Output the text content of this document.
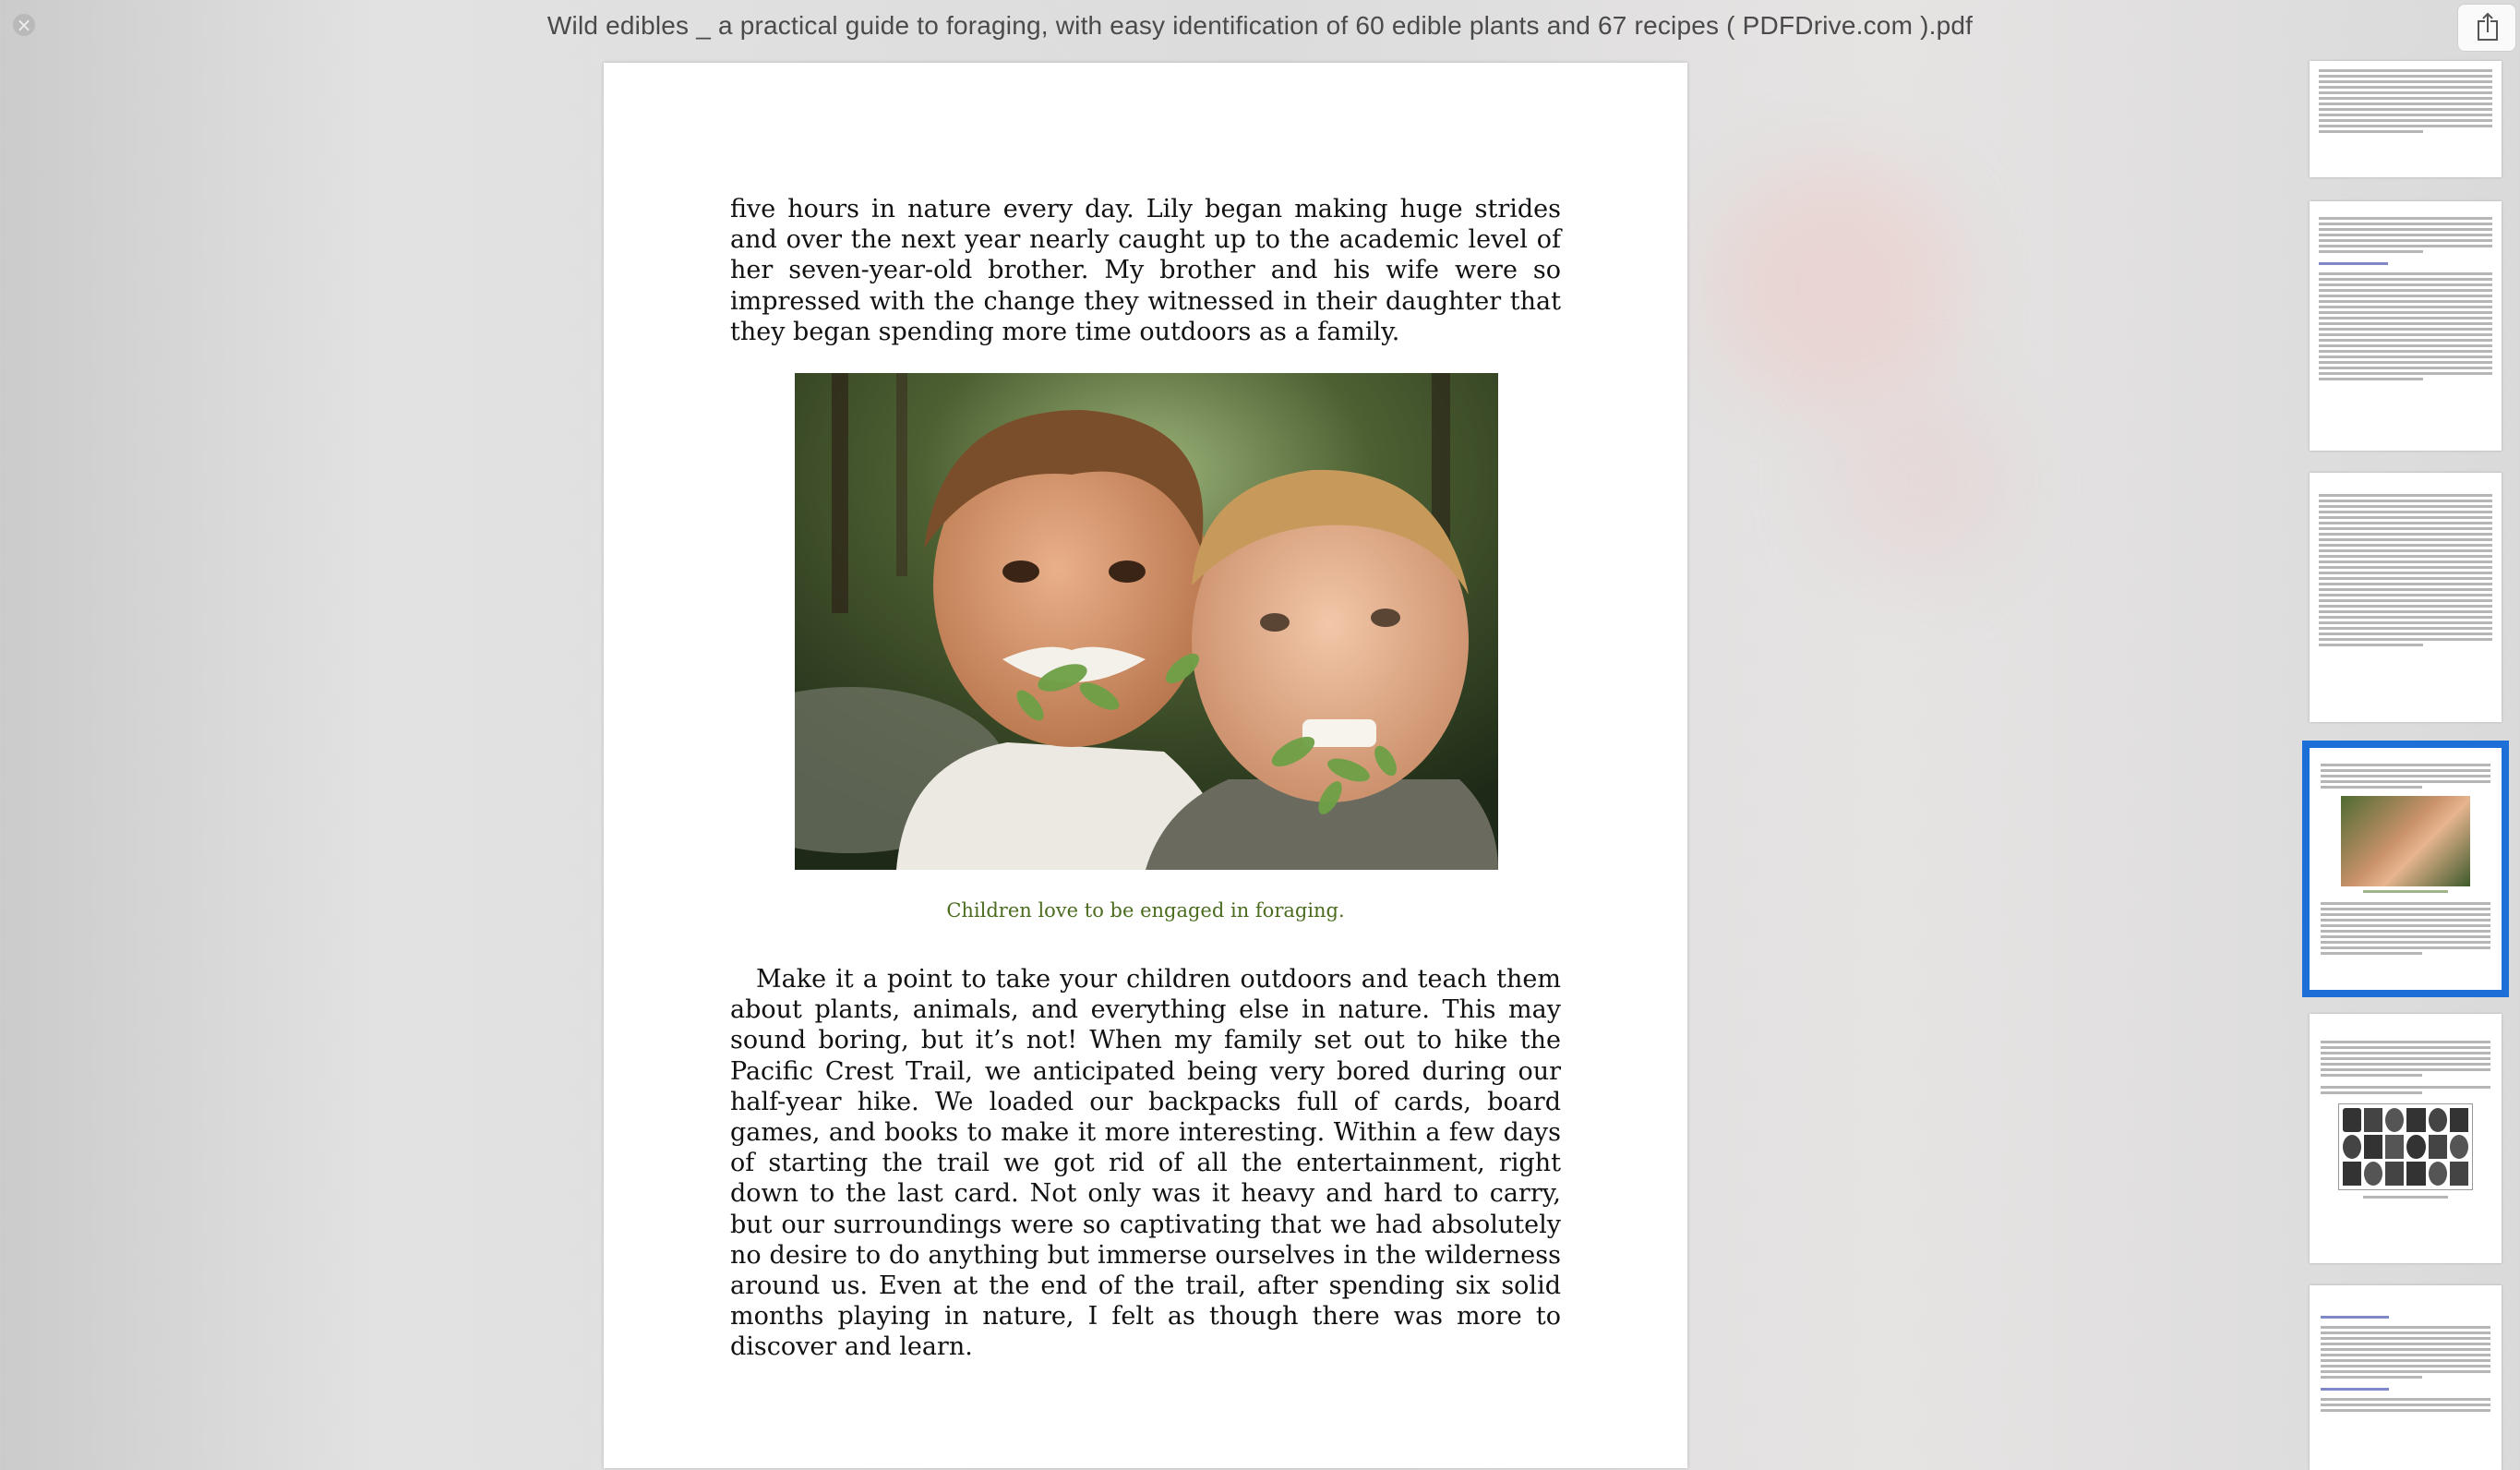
×	Wild edibles _ a practical guide to foraging, with easy identification of 60 edible plants and 67 recipes ( PDFDrive.com ).pdf

five hours in nature every day. Lily began making huge strides and over the next year nearly caught up to the academic level of her seven-year-old brother. My brother and his wife were so impressed with the change they witnessed in their daughter that they began spending more time outdoors as a family.

Children love to be engaged in foraging.

Make it a point to take your children outdoors and teach them about plants, animals, and everything else in nature. This may sound boring, but it’s not! When my family set out to hike the Pacific Crest Trail, we anticipated being very bored during our half-year hike. We loaded our backpacks full of cards, board games, and books to make it more interesting. Within a few days of starting the trail we got rid of all the entertainment, right down to the last card. Not only was it heavy and hard to carry, but our surroundings were so captivating that we had absolutely no desire to do anything but immerse ourselves in the wilderness around us. Even at the end of the trail, after spending six solid months playing in nature, I felt as though there was more to discover and learn.
